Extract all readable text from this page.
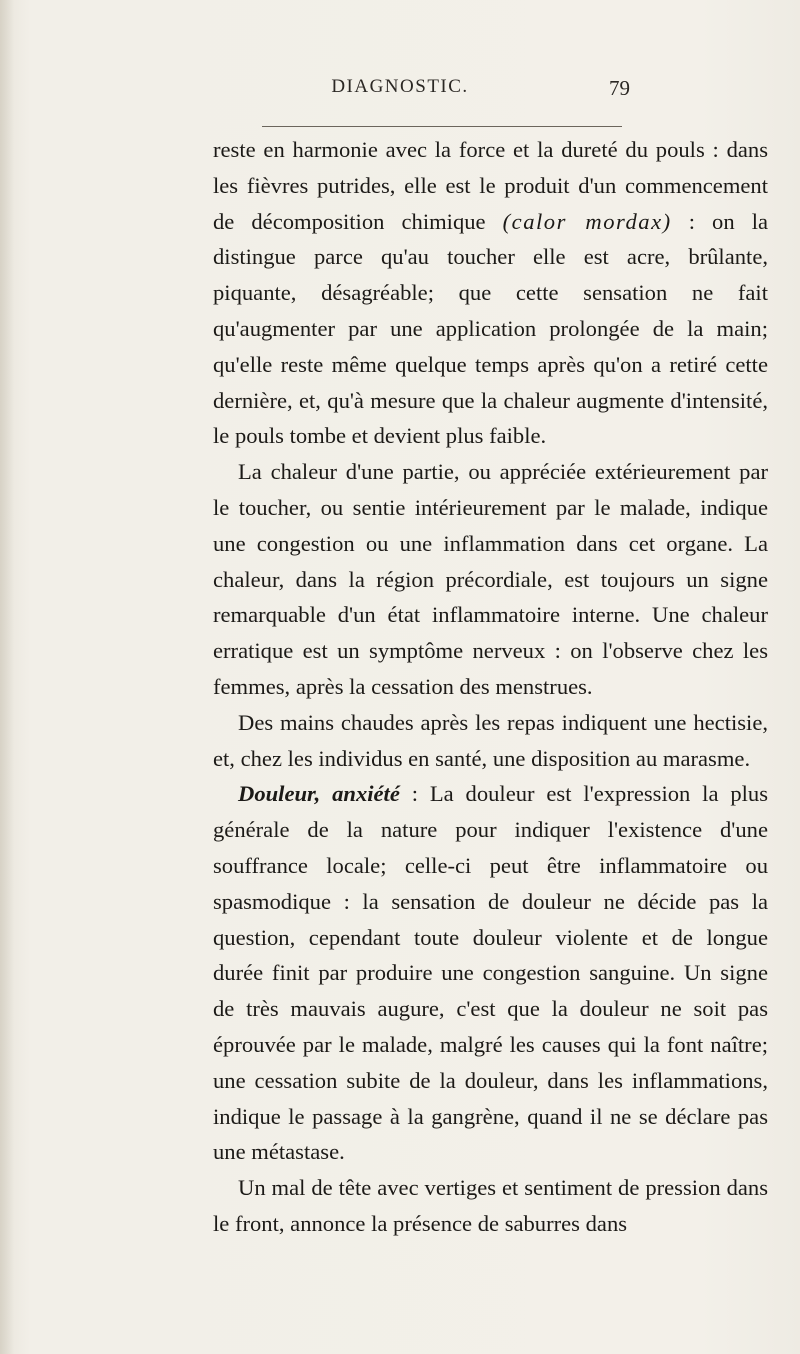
DIAGNOSTIC.	79

reste en harmonie avec la force et la dureté du pouls : dans les fièvres putrides, elle est le produit d'un commencement de décomposition chimique (calor mordax) : on la distingue parce qu'au toucher elle est acre, brûlante, piquante, désagréable; que cette sensation ne fait qu'augmenter par une application prolongée de la main; qu'elle reste même quelque temps après qu'on a retiré cette dernière, et, qu'à mesure que la chaleur augmente d'intensité, le pouls tombe et devient plus faible.

La chaleur d'une partie, ou appréciée extérieurement par le toucher, ou sentie intérieurement par le malade, indique une congestion ou une inflammation dans cet organe. La chaleur, dans la région précordiale, est toujours un signe remarquable d'un état inflammatoire interne. Une chaleur erratique est un symptôme nerveux : on l'observe chez les femmes, après la cessation des menstrues.

Des mains chaudes après les repas indiquent une hectisie, et, chez les individus en santé, une disposition au marasme.

Douleur, anxiété : La douleur est l'expression la plus générale de la nature pour indiquer l'existence d'une souffrance locale; celle-ci peut être inflammatoire ou spasmodique : la sensation de douleur ne décide pas la question, cependant toute douleur violente et de longue durée finit par produire une congestion sanguine. Un signe de très mauvais augure, c'est que la douleur ne soit pas éprouvée par le malade, malgré les causes qui la font naître; une cessation subite de la douleur, dans les inflammations, indique le passage à la gangrène, quand il ne se déclare pas une métastase.

Un mal de tête avec vertiges et sentiment de pression dans le front, annonce la présence de saburres dans
